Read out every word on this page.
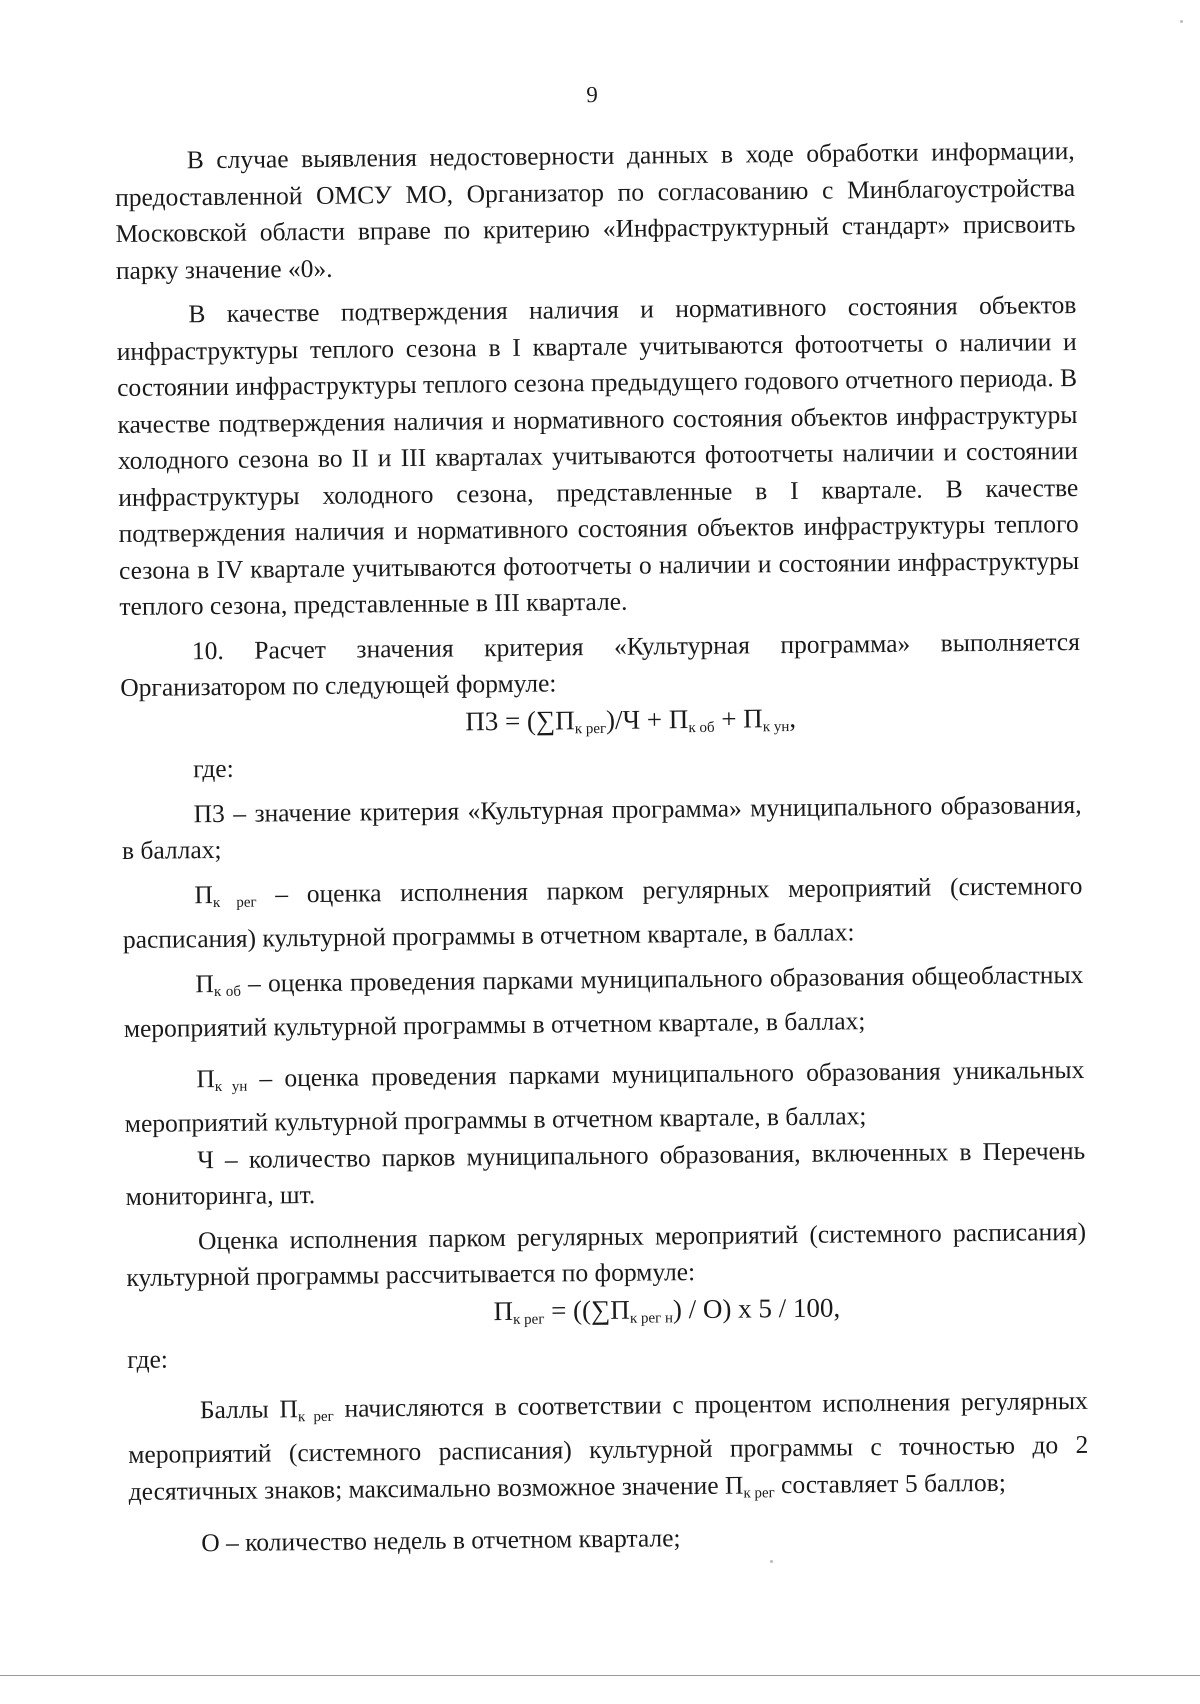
9

В случае выявления недостоверности данных в ходе обработки информации, предоставленной ОМСУ МО, Организатор по согласованию с Минблагоустройства Московской области вправе по критерию «Инфраструктурный стандарт» присвоить парку значение «0».

В качестве подтверждения наличия и нормативного состояния объектов инфраструктуры теплого сезона в I квартале учитываются фотоотчеты о наличии и состоянии инфраструктуры теплого сезона предыдущего годового отчетного периода. В качестве подтверждения наличия и нормативного состояния объектов инфраструктуры холодного сезона во II и III кварталах учитываются фотоотчеты наличии и состоянии инфраструктуры холодного сезона, представленные в I квартале. В качестве подтверждения наличия и нормативного состояния объектов инфраструктуры теплого сезона в IV квартале учитываются фотоотчеты о наличии и состоянии инфраструктуры теплого сезона, представленные в III квартале.

10. Расчет значения критерия «Культурная программа» выполняется Организатором по следующей формуле:

$П3 = (\sum П_{к рег})/Ч + П_{к об} + П_{к ун}$,

где:

П3 – значение критерия «Культурная программа» муниципального образования, в баллах;

$П_{к рег}$ – оценка исполнения парком регулярных мероприятий (системного расписания) культурной программы в отчетном квартале, в баллах:

$П_{к об}$ – оценка проведения парками муниципального образования общеобластных мероприятий культурной программы в отчетном квартале, в баллах;

$П_{к ун}$ – оценка проведения парками муниципального образования уникальных мероприятий культурной программы в отчетном квартале, в баллах;

Ч – количество парков муниципального образования, включенных в Перечень мониторинга, шт.

Оценка исполнения парком регулярных мероприятий (системного расписания) культурной программы рассчитывается по формуле:

$П_{к рег} = ((\sum П_{к рег н}) / О)$ х 5 / 100,

где:

Баллы $П_{к рег}$ начисляются в соответствии с процентом исполнения регулярных мероприятий (системного расписания) культурной программы с точностью до 2 десятичных знаков; максимально возможное значение $П_{к рег}$ составляет 5 баллов;

О – количество недель в отчетном квартале;
